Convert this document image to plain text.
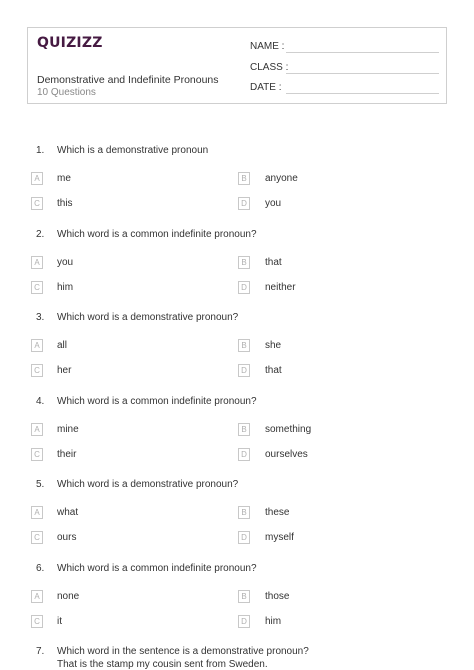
QUIZIZZ
Demonstrative and Indefinite Pronouns
10 Questions
NAME :
CLASS :
DATE :
1. Which is a demonstrative pronoun
A	me	B	anyone
C	this	D	you
2. Which word is a common indefinite pronoun?
A	you	B	that
C	him	D	neither
3. Which word is a demonstrative pronoun?
A	all	B	she
C	her	D	that
4. Which word is a common indefinite pronoun?
A	mine	B	something
C	their	D	ourselves
5. Which word is a demonstrative pronoun?
A	what	B	these
C	ours	D	myself
6. Which word is a common indefinite pronoun?
A	none	B	those
C	it	D	him
7. Which word in the sentence is a demonstrative pronoun?
That is the stamp my cousin sent from Sweden.
